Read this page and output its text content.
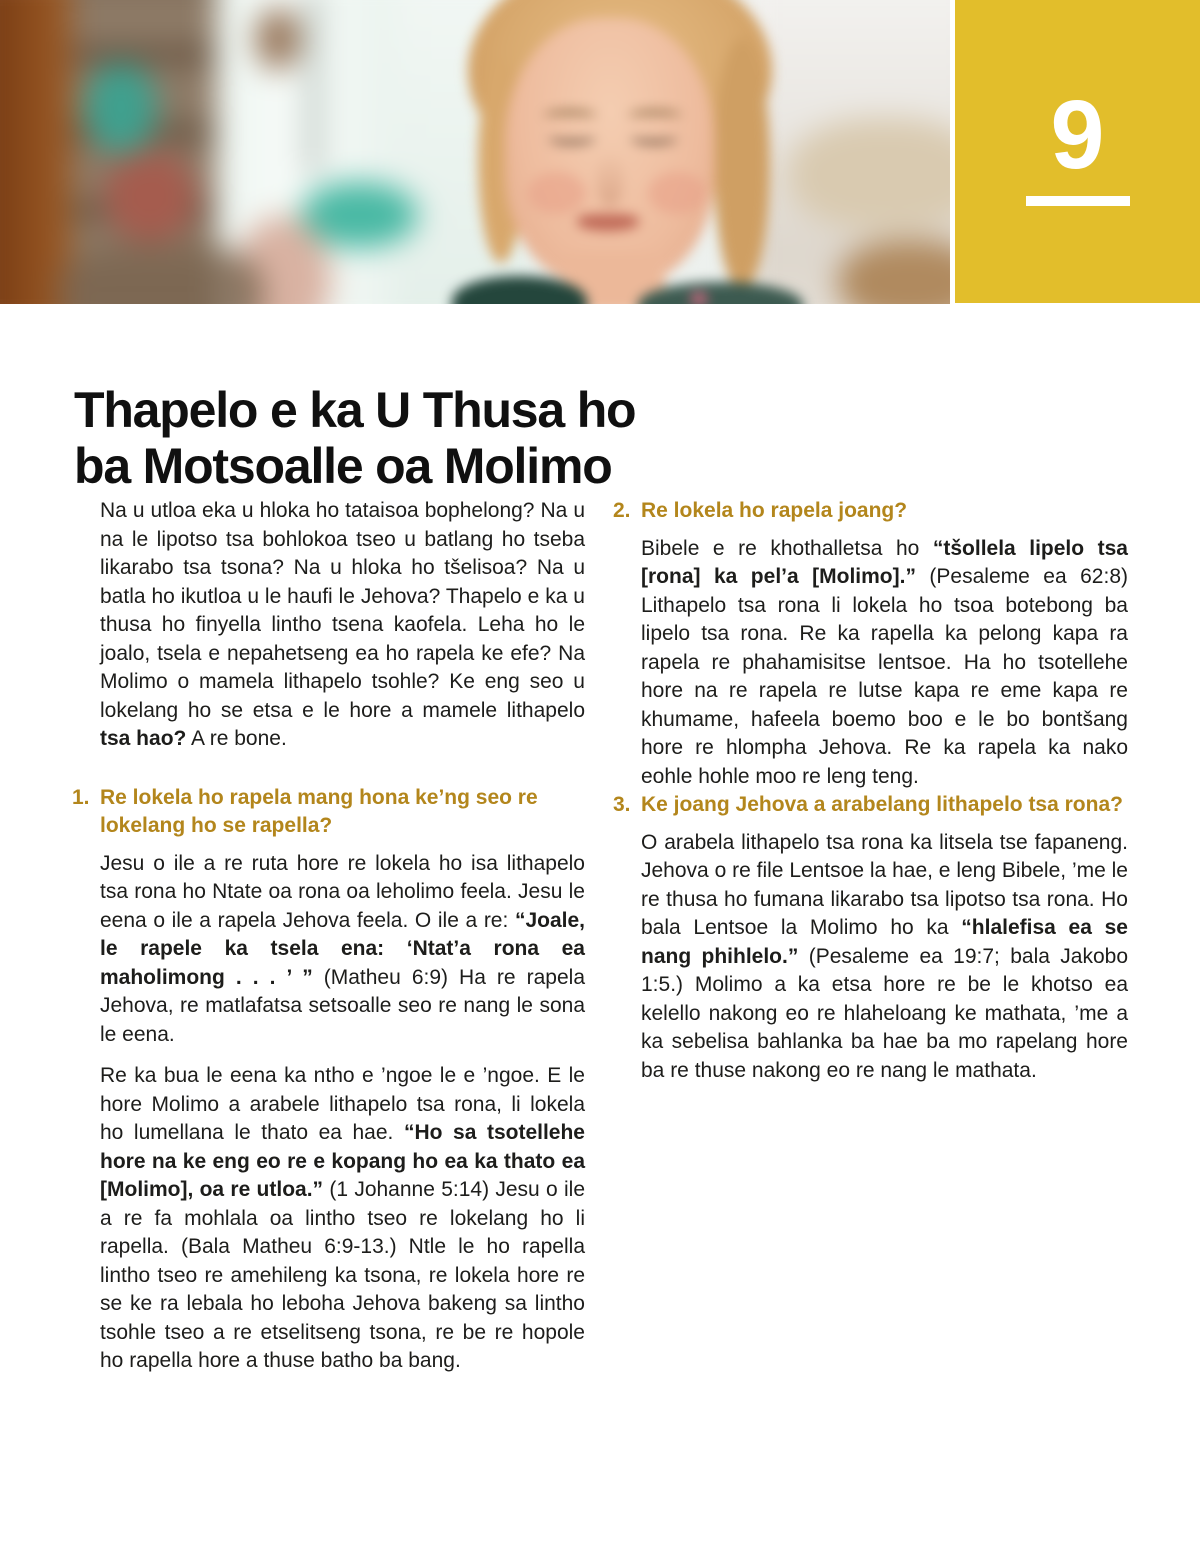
9
Thapelo e ka U Thusa ho
ba Motsoalle oa Molimo

Na u utloa eka u hloka ho tataisoa bophelong? Na u na le lipotso tsa bohlokoa tseo u batlang ho tseba likarabo tsa tsona? Na u hloka ho tšelisoa? Na u batla ho ikutloa u le haufi le Jehova? Thapelo e ka u thusa ho finyella lintho tsena kaofela. Leha ho le joalo, tsela e nepahetseng ea ho rapela ke efe? Na Molimo o mamela lithapelo tsohle? Ke eng seo u lokelang ho se etsa e le hore a mamele lithapelo tsa hao? A re bone.

1. Re lokela ho rapela mang hona ke’ng seo re lokelang ho se rapella?

Jesu o ile a re ruta hore re lokela ho isa lithapelo tsa rona ho Ntate oa rona oa leholimo feela. Jesu le eena o ile a rapela Jehova feela. O ile a re: “Joale, le rapele ka tsela ena: ‘Ntat’a rona ea maholimong . . . ’ ” (Matheu 6:9) Ha re rapela Jehova, re matlafatsa setsoalle seo re nang le sona le eena.

Re ka bua le eena ka ntho e ’ngoe le e ’ngoe. E le hore Molimo a arabele lithapelo tsa rona, li lokela ho lumellana le thato ea hae. “Ho sa tsotellehe hore na ke eng eo re e kopang ho ea ka thato ea [Molimo], oa re utloa.” (1 Johanne 5:14) Jesu o ile a re fa mohlala oa lintho tseo re lokelang ho li rapella. (Bala Matheu 6:9-13.) Ntle le ho rapella lintho tseo re amehileng ka tsona, re lokela hore re se ke ra lebala ho leboha Jehova bakeng sa lintho tsohle tseo a re etselitseng tsona, re be re hopole ho rapella hore a thuse batho ba bang.

2. Re lokela ho rapela joang?

Bibele e re khothalletsa ho “tšollela lipelo tsa [rona] ka pel’a [Molimo].” (Pesaleme ea 62:8) Lithapelo tsa rona li lokela ho tsoa botebong ba lipelo tsa rona. Re ka rapella ka pelong kapa ra rapela re phahamisitse lentsoe. Ha ho tsotellehe hore na re rapela re lutse kapa re eme kapa re khumame, hafeela boemo boo e le bo bontšang hore re hlompha Jehova. Re ka rapela ka nako eohle hohle moo re leng teng.

3. Ke joang Jehova a arabelang lithapelo tsa rona?

O arabela lithapelo tsa rona ka litsela tse fapaneng. Jehova o re file Lentsoe la hae, e leng Bibele, ’me le re thusa ho fumana likarabo tsa lipotso tsa rona. Ho bala Lentsoe la Molimo ho ka “hlalefisa ea se nang phihlelo.” (Pesaleme ea 19:7; bala Jakobo 1:5.) Molimo a ka etsa hore re be le khotso ea kelello nakong eo re hlaheloang ke mathata, ’me a ka sebelisa bahlanka ba hae ba mo rapelang hore ba re thuse nakong eo re nang le mathata.
